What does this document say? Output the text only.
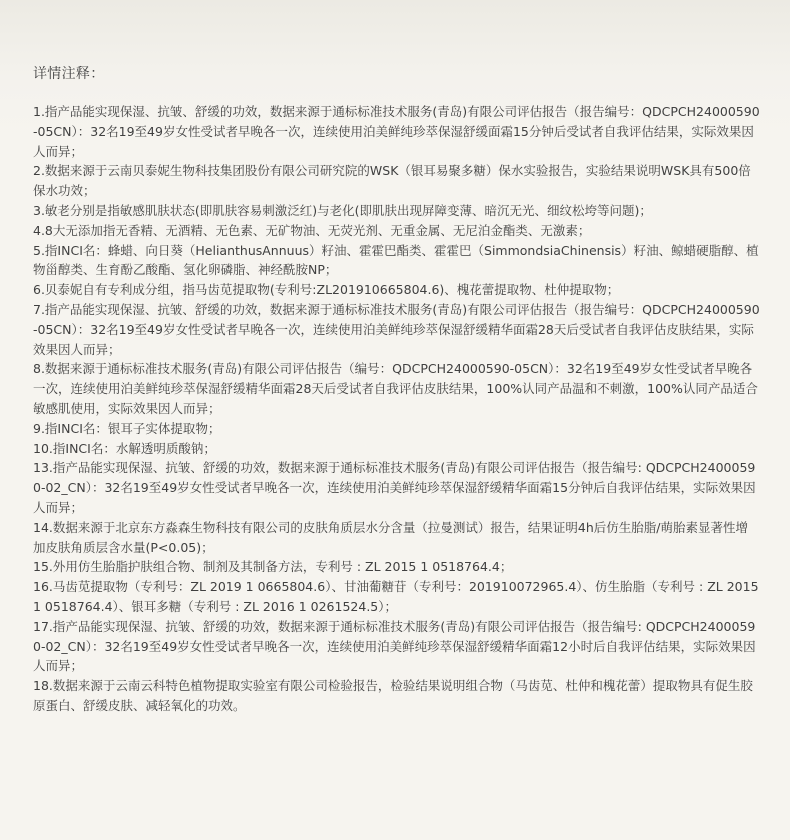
详情注释：

1.指产品能实现保湿、抗皱、舒缓的功效，数据来源于通标标准技术服务(青岛)有限公司评估报告（报告编号：QDCPCH24000590-05CN）：32名19至49岁女性受试者早晚各一次，连续使用泊美鲜纯珍萃保湿舒缓面霜15分钟后受试者自我评估结果，实际效果因人而异；

2.数据来源于云南贝泰妮生物科技集团股份有限公司研究院的WSK（银耳易聚多糖）保水实验报告，实验结果说明WSK具有500倍保水功效；

3.敏老分别是指敏感肌肤状态(即肌肤容易刺激泛红)与老化(即肌肤出现屏障变薄、暗沉无光、细纹松垮等问题)；

4.8大无添加指无香精、无酒精、无色素、无矿物油、无荧光剂、无重金属、无尼泊金酯类、无激素；

5.指INCI名：蜂蜡、向日葵（HelianthusAnnuus）籽油、霍霍巴酯类、霍霍巴（SimmondsiaChinensis）籽油、鲸蜡硬脂醇、植物甾醇类、生育酚乙酸酯、氢化卵磷脂、神经酰胺NP；

6.贝泰妮自有专利成分组，指马齿苋提取物(专利号:ZL201910665804.6)、槐花蕾提取物、杜仲提取物；

7.指产品能实现保湿、抗皱、舒缓的功效，数据来源于通标标准技术服务(青岛)有限公司评估报告（报告编号：QDCPCH24000590-05CN）：32名19至49岁女性受试者早晚各一次，连续使用泊美鲜纯珍萃保湿舒缓精华面霜28天后受试者自我评估皮肤结果，实际效果因人而异；

8.数据来源于通标标准技术服务(青岛)有限公司评估报告（编号：QDCPCH24000590-05CN）：32名19至49岁女性受试者早晚各一次，连续使用泊美鲜纯珍萃保湿舒缓精华面霜28天后受试者自我评估皮肤结果，100%认同产品温和不刺激，100%认同产品适合敏感肌使用，实际效果因人而异；

9.指INCI名：银耳子实体提取物；

10.指INCI名：水解透明质酸钠；

13.指产品能实现保湿、抗皱、舒缓的功效，数据来源于通标标准技术服务(青岛)有限公司评估报告（报告编号: QDCPCH24000590-02_CN）：32名19至49岁女性受试者早晚各一次，连续使用泊美鲜纯珍萃保湿舒缓精华面霜15分钟后自我评估结果，实际效果因人而异；

14.数据来源于北京东方淼森生物科技有限公司的皮肤角质层水分含量（拉曼测试）报告，结果证明4h后仿生胎脂/萌胎素显著性增加皮肤角质层含水量(P<0.05)；

15.外用仿生胎脂护肤组合物、制剂及其制备方法，专利号 : ZL 2015 1 0518764.4；

16.马齿苋提取物（专利号：ZL 2019 1 0665804.6）、甘油葡糖苷（专利号：201910072965.4）、仿生胎脂（专利号 : ZL 2015 1 0518764.4）、银耳多糖（专利号 : ZL 2016 1 0261524.5）；

17.指产品能实现保湿、抗皱、舒缓的功效，数据来源于通标标准技术服务(青岛)有限公司评估报告（报告编号: QDCPCH24000590-02_CN）：32名19至49岁女性受试者早晚各一次，连续使用泊美鲜纯珍萃保湿舒缓精华面霜12小时后自我评估结果，实际效果因人而异；

18.数据来源于云南云科特色植物提取实验室有限公司检验报告，检验结果说明组合物（马齿苋、杜仲和槐花蕾）提取物具有促生胶原蛋白、舒缓皮肤、减轻氧化的功效。
